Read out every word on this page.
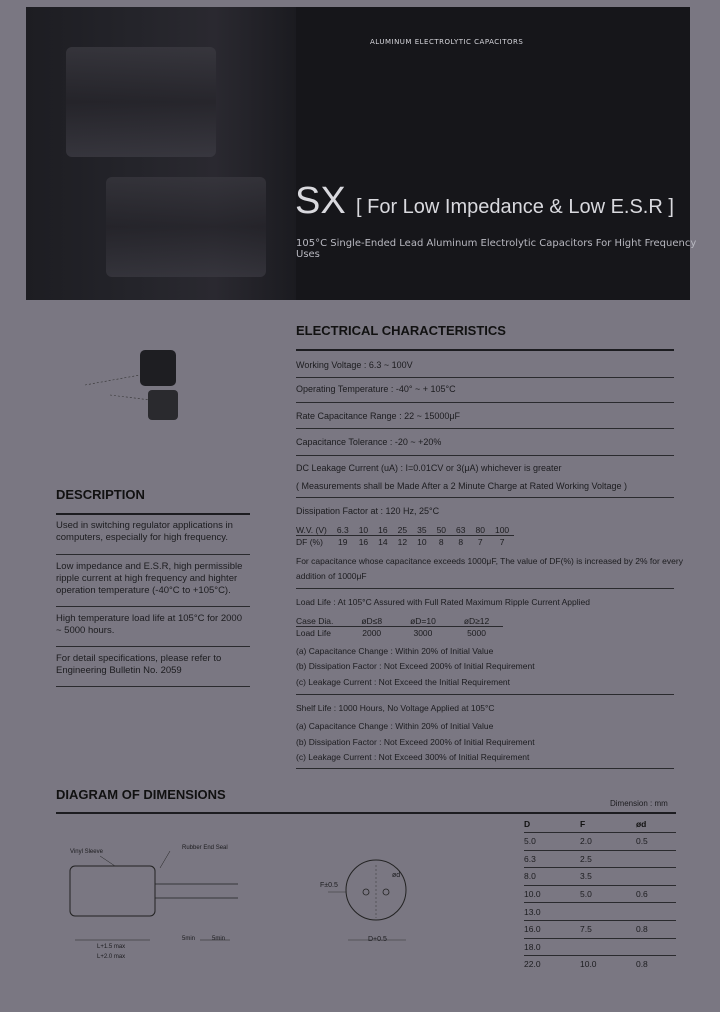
ALUMINUM ELECTROLYTIC CAPACITORS
SX [ For Low Impedance & Low E.S.R ]
105°C Single-Ended Lead Aluminum Electrolytic Capacitors For Hight Frequency Uses
ELECTRICAL CHARACTERISTICS
Working Voltage : 6.3 ~ 100V
Operating Temperature : -40° ~ + 105°C
Rate Capacitance Range : 22 ~ 15000μF
Capacitance Tolerance : -20 ~ +20%
DC Leakage Current (uA) : I=0.01CV or 3(μA) whichever is greater
( Measurements shall be Made After a 2 Minute Charge at Rated Working Voltage )
Dissipation Factor at : 120 Hz, 25°C
W.V. (V)	6.3	10	16	25	35	50	63	80	100
DF (%)	19	16	14	12	10	8	8	7	7
For capacitance whose capacitance exceeds 1000μF, The value of DF(%) is increased by 2% for every
addition of 1000μF
Load Life : At 105°C Assured with Full Rated Maximum Ripple Current Applied
Case Dia.	øD≤8	øD=10	øD≥12
Load Life	2000	3000	5000
(a) Capacitance Change : Within 20% of Initial Value
(b) Dissipation Factor : Not Exceed 200% of Initial Requirement
(c) Leakage Current : Not Exceed the Initial Requirement
Shelf Life : 1000 Hours, No Voltage Applied at 105°C
(a) Capacitance Change : Within 20% of Initial Value
(b) Dissipation Factor : Not Exceed 200% of Initial Requirement
(c) Leakage Current : Not Exceed 300% of Initial Requirement
DESCRIPTION
Used in switching regulator applications in computers, especially for high frequency.
Low impedance and E.S.R, high permissible ripple current at high frequency and highter operation temperature (-40°C to +105°C).
High temperature load life at 105°C for 2000 ~ 5000 hours.
For detail specifications, please refer to Engineering Bulletin No. 2059
DIAGRAM OF DIMENSIONS
Dimension : mm
Vinyl Sleeve
Rubber End Seal
5min	5min
L+1.5 max
L+2.0 max
F±0.5
D+0.5
ød
D	F	ød
5.0	2.0	0.5
6.3	2.5	
8.0	3.5	
10.0	5.0	0.6
13.0		
16.0	7.5	0.8
18.0		
22.0	10.0	0.8
